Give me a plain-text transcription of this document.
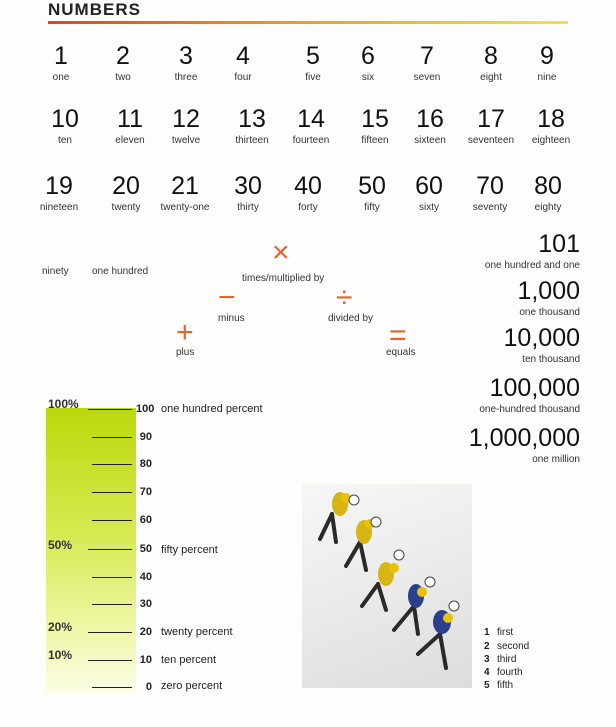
NUMBERS
1
one
2
two
3
three
4
four
5
five
6
six
7
seven
8
eight
9
nine
10
ten
11
eleven
12
twelve
13
thirteen
14
fourteen
15
fifteen
16
sixteen
17
seventeen
18
eighteen
19
nineteen
20
twenty
21
twenty-one
30
thirty
40
forty
50
fifty
60
sixty
70
seventy
80
eighty
ninety one hundred
×
times/multiplied by
−
minus
÷
divided by
+
plus
=
equals
101
one hundred and one
1,000
one thousand
10,000
ten thousand
100,000
one-hundred thousand
1,000,000
one million
100
90
80
70
60
50
40
30
20
10
0
one hundred percent
fifty percent
twenty percent
ten percent
zero percent
100%
50%
20%
10%
1 first
2 second
3 third
4 fourth
5 fifth
